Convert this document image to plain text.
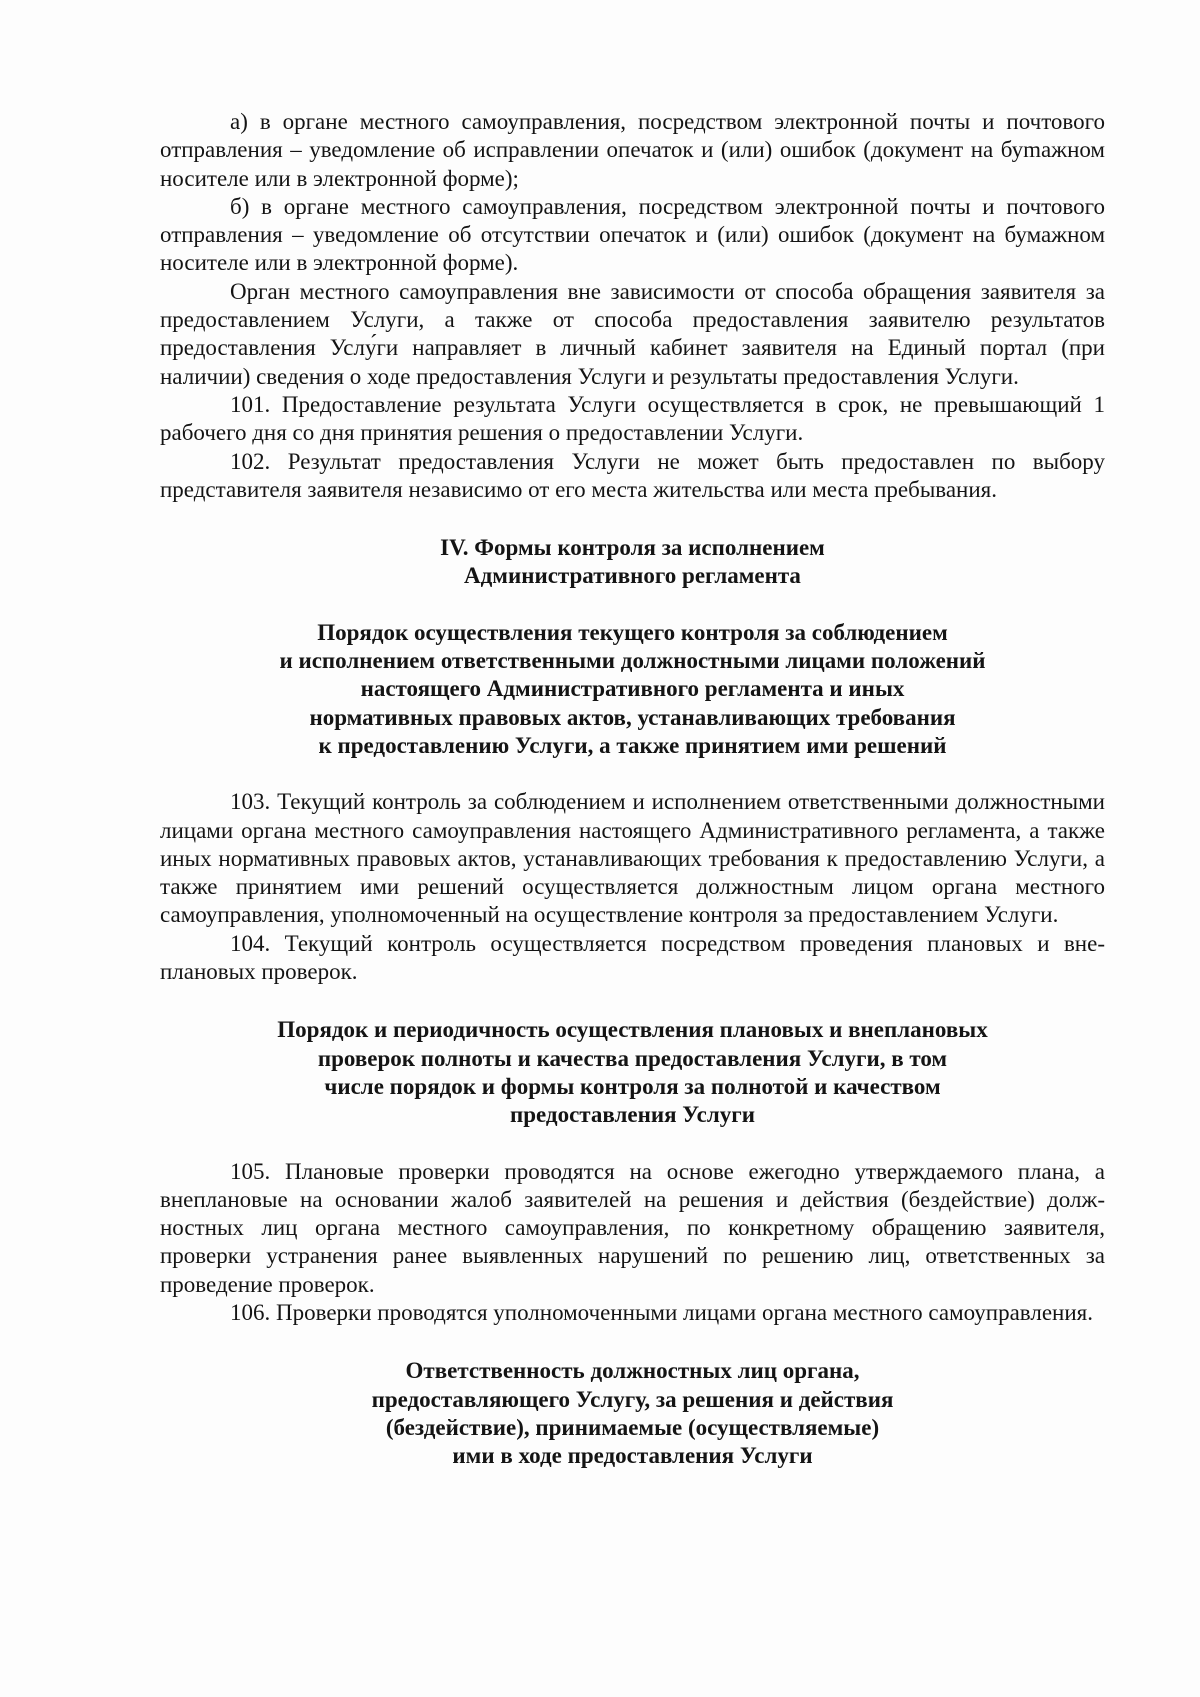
а) в органе местного самоуправления, посредством электронной почты и почтового отправления – уведомление об исправлении опечаток и (или) ошибок (документ на буmажном носителе или в электронной форме);

б) в органе местного самоуправления, посредством электронной почты и почтового отправления – уведомление об отсутствии опечаток и (или) ошибок (документ на бумажном носителе или в электронной форме).

Орган местного самоуправления вне зависимости от способа обращения заявителя за предоставлением Услуги, а также от способа предоставления заявителю результатов предоставления Услу́ги направляет в личный кабинет заявителя на Единый портал (при наличии) сведения о ходе предоставления Услуги и результаты предоставления Услуги.

101. Предоставление результата Услуги осуществляется в срок, не превышающий 1 рабочего дня со дня принятия решения о предоставлении Услуги.

102. Результат предоставления Услуги не может быть предоставлен по выбору представителя заявителя независимо от его места жительства или места пребывания.

IV. Формы контроля за исполнением
Административного регламента
Порядок осуществления текущего контроля за соблюдением
и исполнением ответственными должностными лицами положений
настоящего Административного регламента и иных
нормативных правовых актов, устанавливающих требования
к предоставлению Услуги, а также принятием ими решений

103. Текущий контроль за соблюдением и исполнением ответственными должностными лицами органа местного самоуправления настоящего Административного регламента, а также иных нормативных правовых актов, устанавливающих требования к предоставлению Услуги, а также принятием ими решений осуществляется должностным лицом органа местного самоуправления, уполномоченный на осуществление контроля за предоставлением Услуги.

104. Текущий контроль осуществляется посредством проведения плановых и внеплановых проверок.

Порядок и периодичность осуществления плановых и внеплановых
проверок полноты и качества предоставления Услуги, в том
числе порядок и формы контроля за полнотой и качеством
предоставления Услуги

105. Плановые проверки проводятся на основе ежегодно утверждаемого плана, а внеплановые на основании жалоб заявителей на решения и действия (бездействие) должностных лиц органа местного самоуправления, по конкретному обращению заявителя, проверки устранения ранее выявленных нарушений по решению лиц, ответственных за проведение проверок.

106. Проверки проводятся уполномоченными лицами органа местного самоуправления.

Ответственность должностных лиц органа,
предоставляющего Услугу, за решения и действия
(бездействие), принимаемые (осуществляемые)
ими в ходе предоставления Услуги
